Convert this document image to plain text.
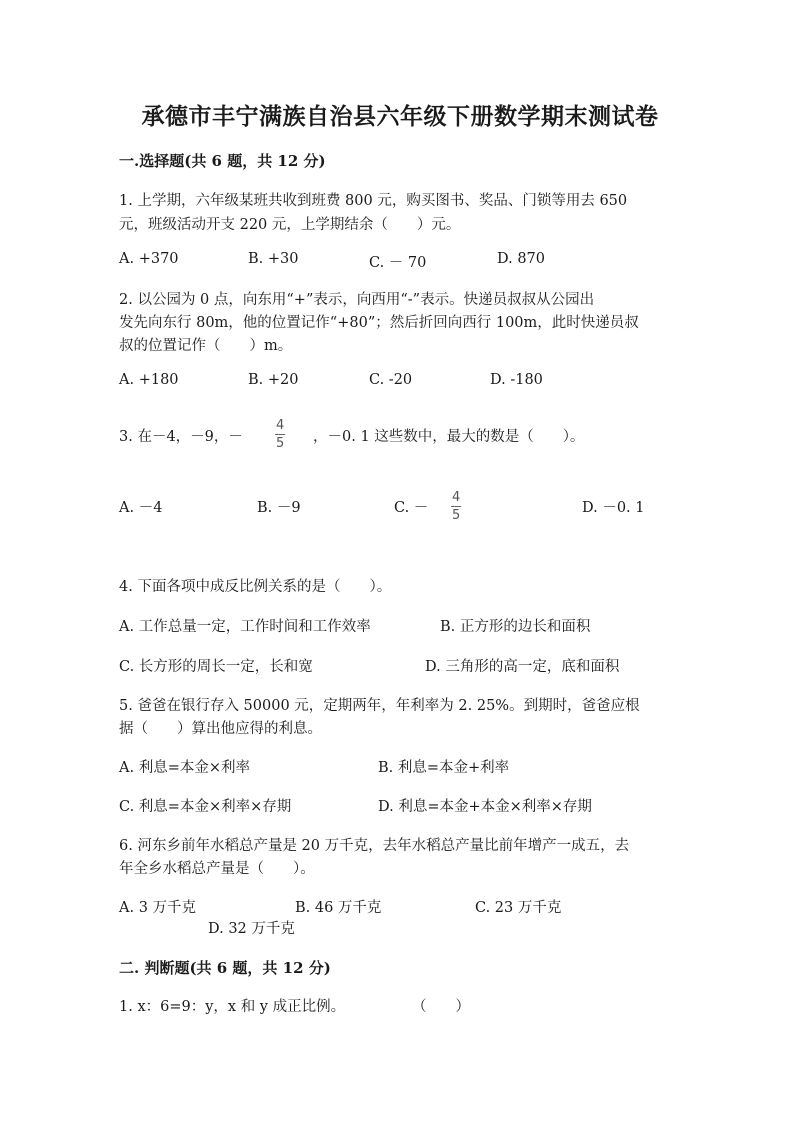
承德市丰宁满族自治县六年级下册数学期末测试卷
一.选择题(共 6 题，共 12 分)
1. 上学期，六年级某班共收到班费 800 元，购买图书、奖品、门锁等用去 650
元，班级活动开支 220 元，上学期结余（　　）元。
A. +370	B. +30	C. － 70	D. 870
2. 以公园为 0 点，向东用“+”表示，向西用“-”表示。快递员叔叔从公园出
发先向东行 80m，他的位置记作“+80”；然后折回向西行 100m，此时快递员叔
叔的位置记作（　　）m。
A. +180	B. +20	C. -20	D. -180
3. 在－4，－9，－
4
5 ，－0. 1 这些数中，最大的数是（　　）。
A. －4	B. －9	C. －
4
5	D. －0. 1
4. 下面各项中成反比例关系的是（　　）。
A. 工作总量一定，工作时间和工作效率	B. 正方形的边长和面积
C. 长方形的周长一定，长和宽	D. 三角形的高一定，底和面积
5. 爸爸在银行存入 50000 元，定期两年，年利率为 2. 25%。到期时，爸爸应根
据（　　）算出他应得的利息。
A. 利息=本金×利率	B. 利息=本金+利率
C. 利息=本金×利率×存期	D. 利息=本金+本金×利率×存期
6. 河东乡前年水稻总产量是 20 万千克，去年水稻总产量比前年增产一成五，去
年全乡水稻总产量是（　　）。
A. 3 万千克	B. 46 万千克	C. 23 万千克
D. 32 万千克
二. 判断题(共 6 题，共 12 分)
1. x：6=9：y，x 和 y 成正比例。	（　　）
